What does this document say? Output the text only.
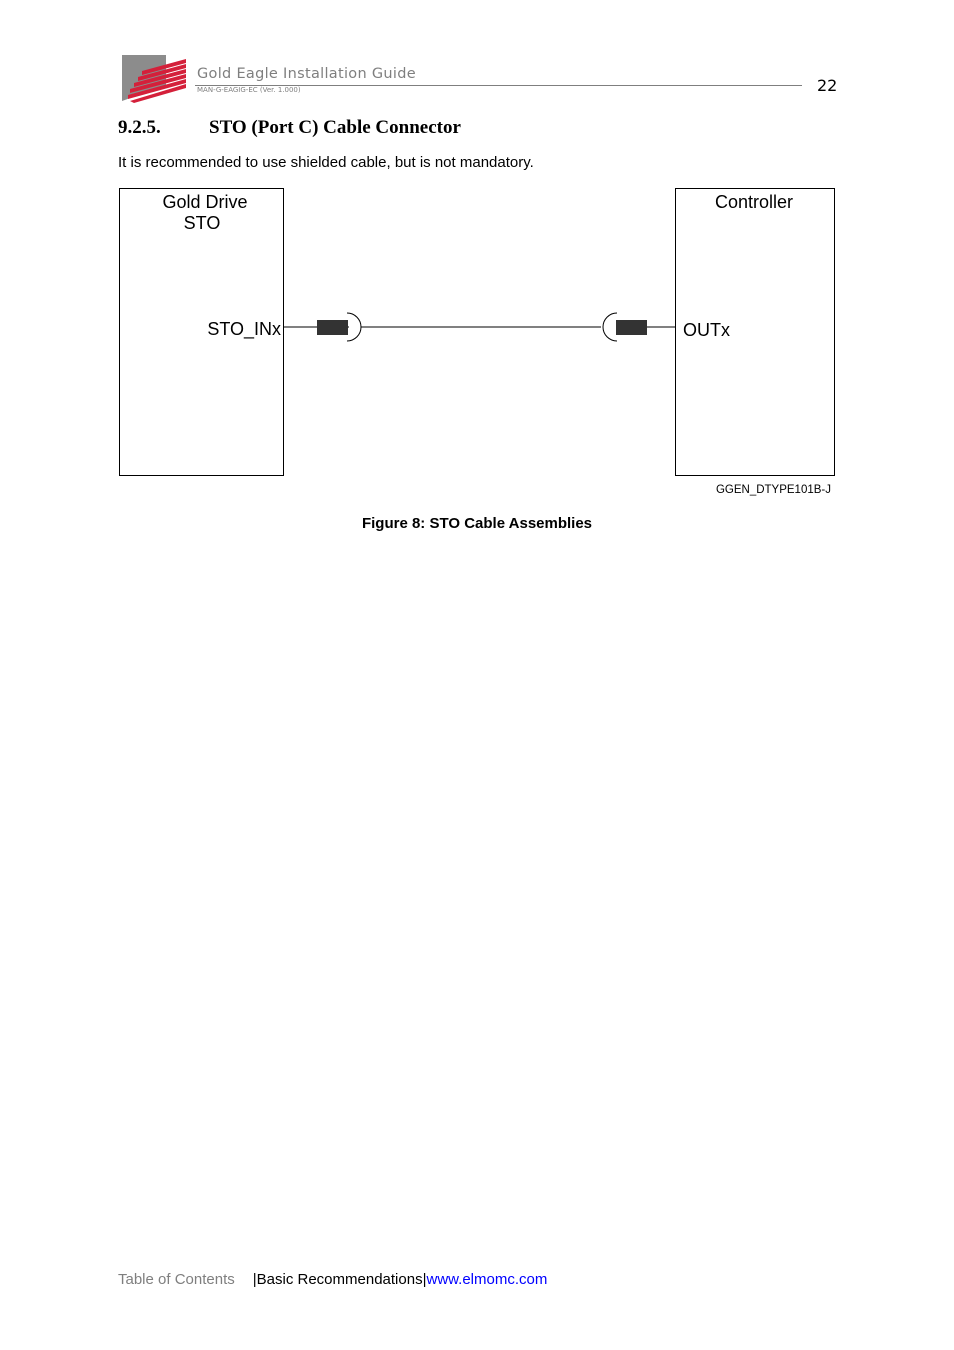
Gold Eagle Installation Guide
MAN-G-EAGIG-EC (Ver. 1.000)	22
9.2.5.	STO (Port C) Cable Connector
It is recommended to use shielded cable, but is not mandatory.
Gold Drive
STO
STO_INx
Controller
OUTx
GGEN_DTYPE101B-J
Figure 8: STO Cable Assemblies
Table of Contents |Basic Recommendations|www.elmomc.com
